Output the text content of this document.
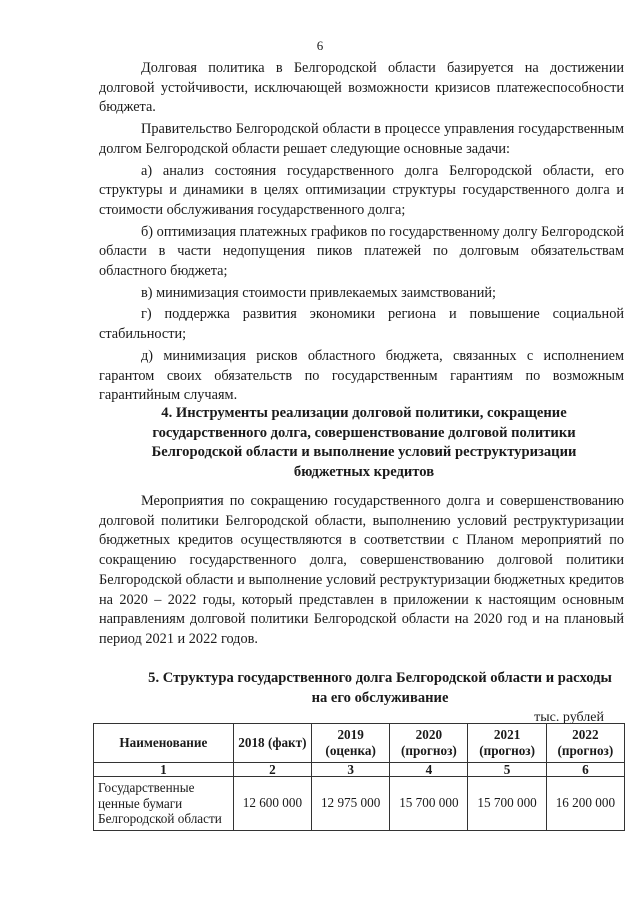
6

Долговая политика в Белгородской области базируется на достижении долговой устойчивости, исключающей возможности кризисов платежеспособности бюджета.

Правительство Белгородской области в процессе управления государственным долгом Белгородской области решает следующие основные задачи:

а) анализ состояния государственного долга Белгородской области, его структуры и динамики в целях оптимизации структуры государственного долга и стоимости обслуживания государственного долга;

б) оптимизация платежных графиков по государственному долгу Белгородской области в части недопущения пиков платежей по долговым обязательствам областного бюджета;

в) минимизация стоимости привлекаемых заимствований;

г) поддержка развития экономики региона и повышение социальной стабильности;

д) минимизация рисков областного бюджета, связанных с исполнением гарантом своих обязательств по государственным гарантиям по возможным гарантийным случаям.

4. Инструменты реализации долговой политики, сокращение государственного долга, совершенствование долговой политики Белгородской области и выполнение условий реструктуризации бюджетных кредитов

Мероприятия по сокращению государственного долга и совершенствованию долговой политики Белгородской области, выполнению условий реструктуризации бюджетных кредитов осуществляются в соответствии с Планом мероприятий по сокращению государственного долга, совершенствованию долговой политики Белгородской области и выполнение условий реструктуризации бюджетных кредитов на 2020 – 2022 годы, который представлен в приложении к настоящим основным направлениям долговой политики Белгородской области на 2020 год и на плановый период 2021 и 2022 годов.

5. Структура государственного долга Белгородской области и расходы на его обслуживание
тыс. рублей
Наименование	2018 (факт)	2019 (оценка)	2020 (прогноз)	2021 (прогноз)	2022 (прогноз)
1	2	3	4	5	6
Государственные ценные бумаги Белгородской области	12 600 000	12 975 000	15 700 000	15 700 000	16 200 000
